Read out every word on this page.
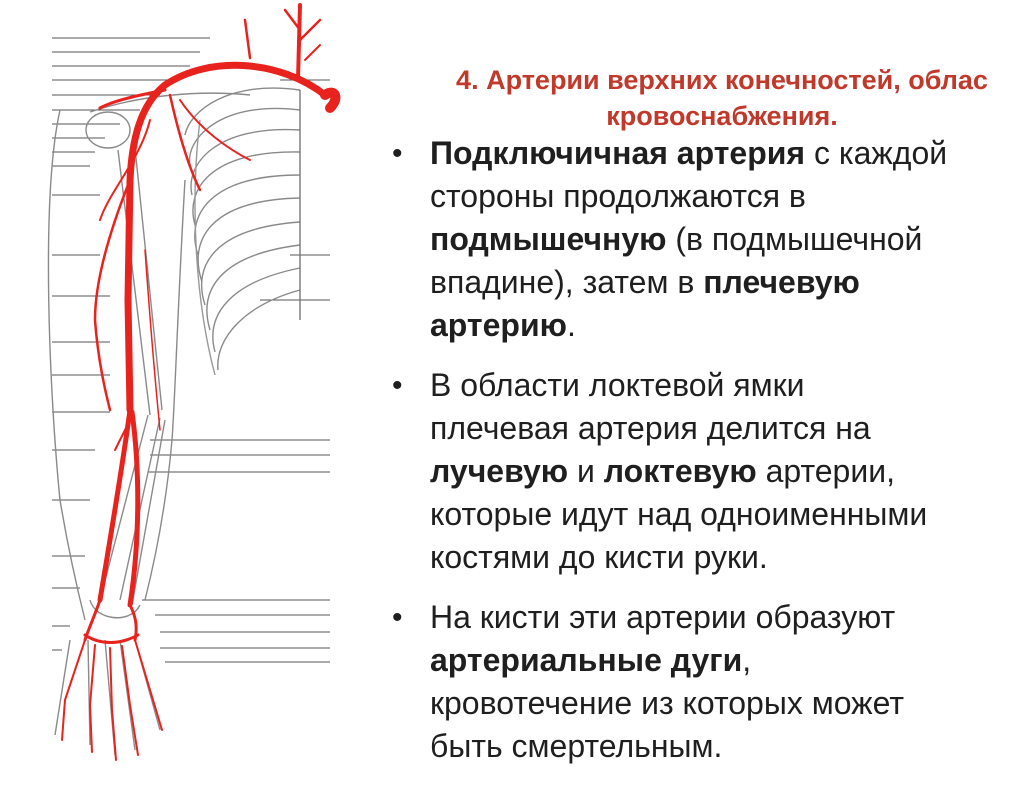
4. Артерии верхних конечностей, облас
кровоснабжения.
• Подключичная артерия с каждой
стороны продолжаются в
подмышечную (в подмышечной
впадине), затем в плечевую
артерию.
• В области локтевой ямки
плечевая артерия делится на
лучевую и локтевую артерии,
которые идут над одноименными
костями до кисти руки.
• На кисти эти артерии образуют
артериальные дуги,
кровотечение из которых может
быть смертельным.
